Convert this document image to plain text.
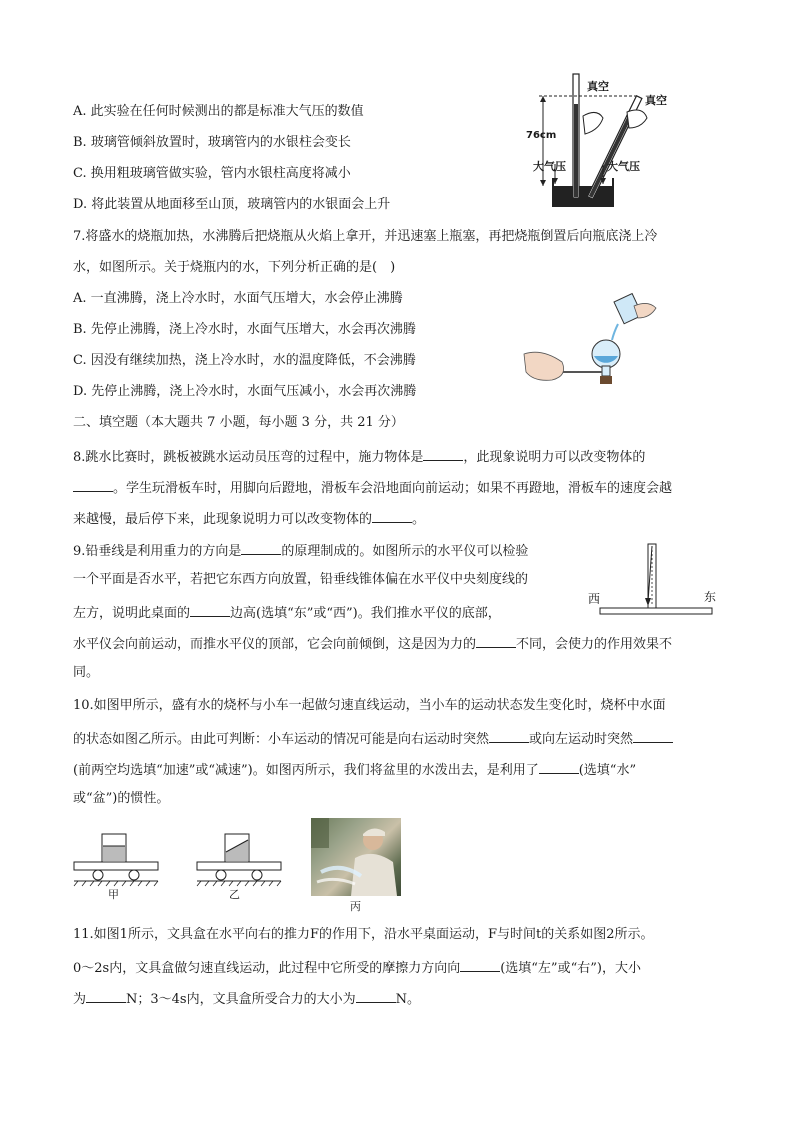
A. 此实验在任何时候测出的都是标准大气压的数值
B. 玻璃管倾斜放置时，玻璃管内的水银柱会变长
C. 换用粗玻璃管做实验，管内水银柱高度将减小
D. 将此装置从地面移至山顶，玻璃管内的水银面会上升
真空
真空
76cm
大气压	大气压
7.将盛水的烧瓶加热，水沸腾后把烧瓶从火焰上拿开，并迅速塞上瓶塞，再把烧瓶倒置后向瓶底浇上冷
水，如图所示。关于烧瓶内的水，下列分析正确的是(　)
A. 一直沸腾，浇上冷水时，水面气压增大，水会停止沸腾
B. 先停止沸腾，浇上冷水时，水面气压增大，水会再次沸腾
C. 因没有继续加热，浇上冷水时，水的温度降低，不会沸腾
D. 先停止沸腾，浇上冷水时，水面气压减小，水会再次沸腾
二、填空题（本大题共 7 小题，每小题 3 分，共 21 分）
8.跳水比赛时，跳板被跳水运动员压弯的过程中，施力物体是	，此现象说明力可以改变物体的
。学生玩滑板车时，用脚向后蹬地，滑板车会沿地面向前运动；如果不再蹬地，滑板车的速度会越
来越慢，最后停下来，此现象说明力可以改变物体的	。
9.铅垂线是利用重力的方向是	的原理制成的。如图所示的水平仪可以检验
一个平面是否水平，若把它东西方向放置，铅垂线锥体偏在水平仪中央刻度线的
左方，说明此桌面的	边高(选填“东”或“西”)。我们推水平仪的底部，
水平仪会向前运动，而推水平仪的顶部，它会向前倾倒，这是因为力的	不同，会使力的作用效果不
同。
西	东
10.如图甲所示，盛有水的烧杯与小车一起做匀速直线运动，当小车的运动状态发生变化时，烧杯中水面
的状态如图乙所示。由此可判断：小车运动的情况可能是向右运动时突然	或向左运动时突然
(前两空均选填“加速”或“减速”)。如图丙所示，我们将盆里的水泼出去，是利用了	(选填“水”
或“盆”)的惯性。
甲	乙
丙
11.如图1所示，文具盒在水平向右的推力F的作用下，沿水平桌面运动，F与时间t的关系如图2所示。
0～2s内，文具盒做匀速直线运动，此过程中它所受的摩擦力方向向	(选填“左”或“右”)，大小
为	N；3～4s内，文具盒所受合力的大小为	N。
